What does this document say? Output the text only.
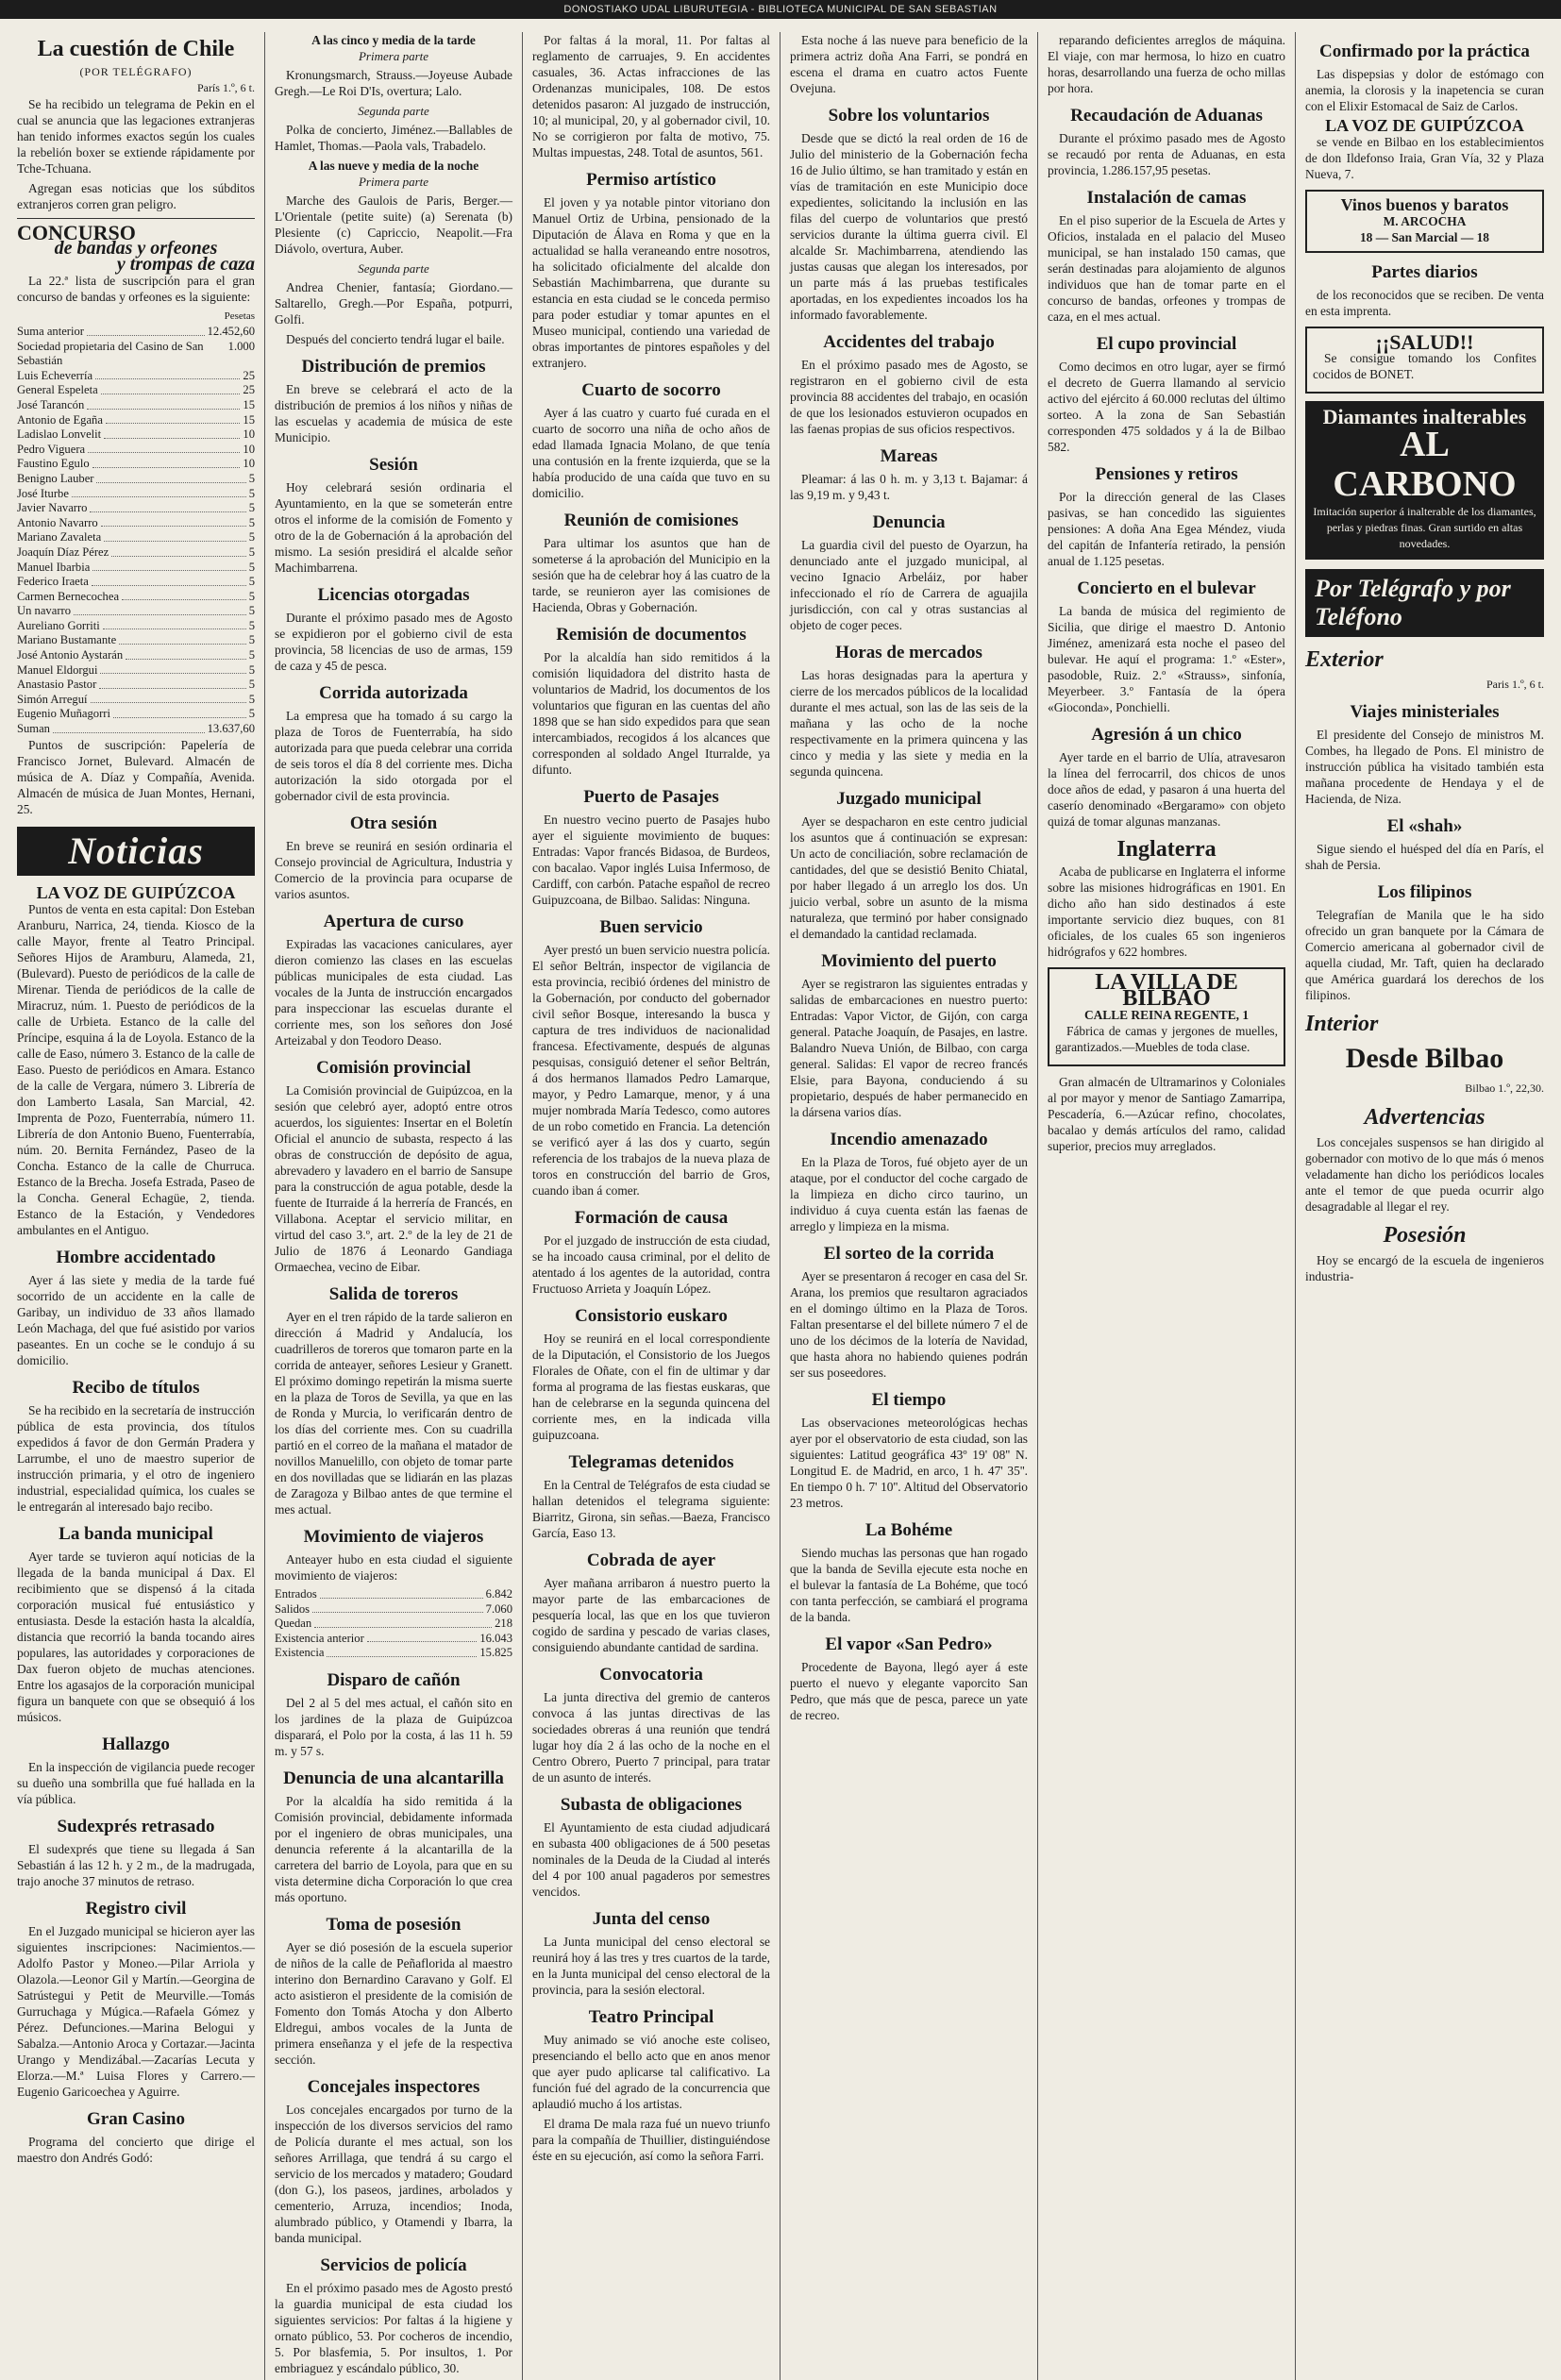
DONOSTIAKO UDAL LIBURUTEGIA - BIBLIOTECA MUNICIPAL DE SAN SEBASTIAN
La cuestión de Chile
(POR TELÉGRAFO)
París 1.º, 6 t.

Se ha recibido un telegrama de Pekin en el cual se anuncia que las legaciones extranjeras han tenido informes exactos según los cuales la rebelión boxer se extiende rápidamente por Tche-Tchuana.

Agregan esas noticias que los súbditos extranjeros corren gran peligro.

CONCURSO
de bandas y orfeones
y trompas de caza

La 22.ª lista de suscripción para el gran concurso de bandas y orfeones es la siguiente:

Pesetas
Suma anterior	12.452,60
Sociedad propietaria del Casino de San Sebastián
1.000
Luis Echeverría	25
General Espeleta	25
José Tarancón	15
Antonio de Egaña	15
Ladislao Lonvelit	10
Pedro Viguera	10
Faustino Egulo	10
Benigno Lauber	5
José Iturbe	5
Javier Navarro	5
Antonio Navarro	5
Mariano Zavaleta	5
Joaquín Díaz Pérez	5
Manuel Ibarbia	5
Federico Iraeta	5
Carmen Bernecochea	5
Un navarro	5
Aureliano Gorriti	5
Mariano Bustamante	5
José Antonio Aystarán	5
Manuel Eldorgui	5
Anastasio Pastor	5
Simón Arreguí	5
Eugenio Muñagorri	5
Suman	13.637,60

Puntos de suscripción: Papelería de Francisco Jornet, Bulevard. Almacén de música de A. Díaz y Compañía, Avenida. Almacén de música de Juan Montes, Hernani, 25.

Noticias
LA VOZ DE GUIPÚZCOA

Puntos de venta en esta capital: Don Esteban Aranburu, Narrica, 24, tienda. Kiosco de la calle Mayor, frente al Teatro Principal. Señores Hijos de Aramburu, Alameda, 21, (Bulevard). Puesto de periódicos de la calle de Mirenar. Tienda de periódicos de la calle de Miracruz, núm. 1. Puesto de periódicos de la calle de Urbieta. Estanco de la calle del Príncipe, esquina á la de Loyola. Estanco de la calle de Easo, número 3. Estanco de la calle de Easo. Puesto de periódicos en Amara. Estanco de la calle de Vergara, número 3. Librería de don Lamberto Lasala, San Marcial, 42. Imprenta de Pozo, Fuenterrabía, número 11. Librería de don Antonio Bueno, Fuenterrabía, núm. 20. Bernita Fernández, Paseo de la Concha. Estanco de la calle de Churruca. Estanco de la Brecha. Josefa Estrada, Paseo de la Concha. General Echagüe, 2, tienda. Estanco de la Estación, y Vendedores ambulantes en el Antiguo.

Hombre accidentado

Ayer á las siete y media de la tarde fué socorrido de un accidente en la calle de Garibay, un individuo de 33 años llamado León Machaga, del que fué asistido por varios paseantes. En un coche se le condujo á su domicilio.

Recibo de títulos

Se ha recibido en la secretaría de instrucción pública de esta provincia, dos títulos expedidos á favor de don Germán Pradera y Larrumbe, el uno de maestro superior de instrucción primaria, y el otro de ingeniero industrial, especialidad química, los cuales se le entregarán al interesado bajo recibo.

La banda municipal

Ayer tarde se tuvieron aquí noticias de la llegada de la banda municipal á Dax. El recibimiento que se dispensó á la citada corporación musical fué entusiástico y entusiasta. Desde la estación hasta la alcaldía, distancia que recorrió la banda tocando aires populares, las autoridades y corporaciones de Dax fueron objeto de muchas atenciones. Entre los agasajos de la corporación municipal figura un banquete con que se obsequió á los músicos.

Hallazgo

En la inspección de vigilancia puede recoger su dueño una sombrilla que fué hallada en la vía pública.

Sudexprés retrasado

El sudexprés que tiene su llegada á San Sebastián á las 12 h. y 2 m., de la madrugada, trajo anoche 37 minutos de retraso.

Registro civil

En el Juzgado municipal se hicieron ayer las siguientes inscripciones: Nacimientos.—Adolfo Pastor y Moneo.—Pilar Arriola y Olazola.—Leonor Gil y Martín.—Georgina de Satrústegui y Petit de Meurville.—Tomás Gurruchaga y Múgica.—Rafaela Gómez y Pérez. Defunciones.—Marina Belogui y Sabalza.—Antonio Aroca y Cortazar.—Jacinta Urango y Mendizábal.—Zacarías Lecuta y Elorza.—M.ª Luisa Flores y Carrero.—Eugenio Garicoechea y Aguirre.

Gran Casino

Programa del concierto que dirige el maestro don Andrés Godó:

A las cinco y media de la tarde
Primera parte

Kronungsmarch, Strauss.—Joyeuse Aubade Gregh.—Le Roi D'Is, overtura; Lalo.

Segunda parte

Polka de concierto, Jiménez.—Ballables de Hamlet, Thomas.—Paola vals, Trabadelo.

A las nueve y media de la noche
Primera parte

Marche des Gaulois de Paris, Berger.—L'Orientale (petite suite) (a) Serenata (b) Plesiente (c) Capriccio, Neapolit.—Fra Diávolo, overtura, Auber.

Segunda parte

Andrea Chenier, fantasía; Giordano.—Saltarello, Gregh.—Por España, potpurri, Golfi.

Después del concierto tendrá lugar el baile.

Distribución de premios

En breve se celebrará el acto de la distribución de premios á los niños y niñas de las escuelas y academia de música de este Municipio.

Sesión

Hoy celebrará sesión ordinaria el Ayuntamiento, en la que se someterán entre otros el informe de la comisión de Fomento y otro de la de Gobernación á la aprobación del mismo. La sesión presidirá el alcalde señor Machimbarrena.

Licencias otorgadas

Durante el próximo pasado mes de Agosto se expidieron por el gobierno civil de esta provincia, 58 licencias de uso de armas, 159 de caza y 45 de pesca.

Corrida autorizada

La empresa que ha tomado á su cargo la plaza de Toros de Fuenterrabía, ha sido autorizada para que pueda celebrar una corrida de seis toros el día 8 del corriente mes. Dicha autorización la sido otorgada por el gobernador civil de esta provincia.

Otra sesión

En breve se reunirá en sesión ordinaria el Consejo provincial de Agricultura, Industria y Comercio de la provincia para ocuparse de varios asuntos.

Apertura de curso

Expiradas las vacaciones caniculares, ayer dieron comienzo las clases en las escuelas públicas municipales de esta ciudad. Las vocales de la Junta de instrucción encargados para inspeccionar las escuelas durante el corriente mes, son los señores don José Arteizabal y don Teodoro Deaso.

Comisión provincial

La Comisión provincial de Guipúzcoa, en la sesión que celebró ayer, adoptó entre otros acuerdos, los siguientes: Insertar en el Boletín Oficial el anuncio de subasta, respecto á las obras de construcción de depósito de agua, abrevadero y lavadero en el barrio de Sansupe para la construcción de agua potable, desde la fuente de Iturraide á la herrería de Francés, en Villabona. Aceptar el servicio militar, en virtud del caso 3.º, art. 2.º de la ley de 21 de Julio de 1876 á Leonardo Gandiaga Ormaechea, vecino de Eibar.

Salida de toreros

Ayer en el tren rápido de la tarde salieron en dirección á Madrid y Andalucía, los cuadrilleros de toreros que tomaron parte en la corrida de anteayer, señores Lesieur y Granett. El próximo domingo repetirán la misma suerte en la plaza de Toros de Sevilla, ya que en las de Ronda y Murcia, lo verificarán dentro de los días del corriente mes. Con su cuadrilla partió en el correo de la mañana el matador de novillos Manuelillo, con objeto de tomar parte en dos novilladas que se lidiarán en las plazas de Zaragoza y Bilbao antes de que termine el mes actual.

Movimiento de viajeros

Anteayer hubo en esta ciudad el siguiente movimiento de viajeros:

Entrados	6.842
Salidos	7.060
Quedan	218
Existencia anterior	16.043
Existencia	15.825
Disparo de cañón

Del 2 al 5 del mes actual, el cañón sito en los jardines de la plaza de Guipúzcoa disparará, el Polo por la costa, á las 11 h. 59 m. y 57 s.

Denuncia de una alcantarilla

Por la alcaldía ha sido remitida á la Comisión provincial, debidamente informada por el ingeniero de obras municipales, una denuncia referente á la alcantarilla de la carretera del barrio de Loyola, para que en su vista determine dicha Corporación lo que crea más oportuno.

Toma de posesión

Ayer se dió posesión de la escuela superior de niños de la calle de Peñaflorida al maestro interino don Bernardino Caravano y Golf. El acto asistieron el presidente de la comisión de Fomento don Tomás Atocha y don Alberto Eldregui, ambos vocales de la Junta de primera enseñanza y el jefe de la respectiva sección.

Concejales inspectores

Los concejales encargados por turno de la inspección de los diversos servicios del ramo de Policía durante el mes actual, son los señores Arrillaga, que tendrá á su cargo el servicio de los mercados y matadero; Goudard (don G.), los paseos, jardines, arbolados y cementerio, Arruza, incendios; Inoda, alumbrado público, y Otamendi y Ibarra, la banda municipal.

Servicios de policía

En el próximo pasado mes de Agosto prestó la guardia municipal de esta ciudad los siguientes servicios: Por faltas á la higiene y ornato público, 53. Por cocheros de incendio, 5. Por blasfemia, 5. Por insultos, 1. Por embriaguez y escándalo público, 30.

Por faltas á la moral, 11. Por faltas al reglamento de carruajes, 9. En accidentes casuales, 36. Actas infracciones de las Ordenanzas municipales, 108. De estos detenidos pasaron: Al juzgado de instrucción, 10; al municipal, 20, y al gobernador civil, 10. No se corrigieron por falta de motivo, 75. Multas impuestas, 248. Total de asuntos, 561.

Permiso artístico

El joven y ya notable pintor vitoriano don Manuel Ortiz de Urbina, pensionado de la Diputación de Álava en Roma y que en la actualidad se halla veraneando entre nosotros, ha solicitado oficialmente del alcalde don Sebastián Machimbarrena, que durante su estancia en esta ciudad se le conceda permiso para poder estudiar y tomar apuntes en el Museo municipal, contiendo una variedad de obras importantes de pintores españoles y del extranjero.

Cuarto de socorro

Ayer á las cuatro y cuarto fué curada en el cuarto de socorro una niña de ocho años de edad llamada Ignacia Molano, de que tenía una contusión en la frente izquierda, que se la había producido de una caída que tuvo en su domicilio.

Reunión de comisiones

Para ultimar los asuntos que han de someterse á la aprobación del Municipio en la sesión que ha de celebrar hoy á las cuatro de la tarde, se reunieron ayer las comisiones de Hacienda, Obras y Gobernación.

Remisión de documentos

Por la alcaldía han sido remitidos á la comisión liquidadora del distrito hasta de voluntarios de Madrid, los documentos de los voluntarios que figuran en las cuentas del año 1898 que se han sido expedidos para que sean intercambiados, recogidos á los alcances que corresponden al soldado Angel Iturralde, ya difunto.

Puerto de Pasajes

En nuestro vecino puerto de Pasajes hubo ayer el siguiente movimiento de buques: Entradas: Vapor francés Bidasoa, de Burdeos, con bacalao. Vapor inglés Luisa Infermoso, de Cardiff, con carbón. Patache español de recreo Guipuzcoana, de Bilbao. Salidas: Ninguna.

Buen servicio

Ayer prestó un buen servicio nuestra policía. El señor Beltrán, inspector de vigilancia de esta provincia, recibió órdenes del ministro de la Gobernación, por conducto del gobernador civil señor Bosque, interesando la busca y captura de tres individuos de nacionalidad francesa. Efectivamente, después de algunas pesquisas, consiguió detener el señor Beltrán, á dos hermanos llamados Pedro Lamarque, mayor, y Pedro Lamarque, menor, y á una mujer nombrada María Tedesco, como autores de un robo cometido en Francia. La detención se verificó ayer á las dos y cuarto, según referencia de los trabajos de la nueva plaza de toros en construcción del barrio de Gros, cuando iban á comer.

Formación de causa

Por el juzgado de instrucción de esta ciudad, se ha incoado causa criminal, por el delito de atentado á los agentes de la autoridad, contra Fructuoso Arrieta y Joaquín López.

Consistorio euskaro

Hoy se reunirá en el local correspondiente de la Diputación, el Consistorio de los Juegos Florales de Oñate, con el fin de ultimar y dar forma al programa de las fiestas euskaras, que han de celebrarse en la segunda quincena del corriente mes, en la indicada villa guipuzcoana.

Telegramas detenidos

En la Central de Telégrafos de esta ciudad se hallan detenidos el telegrama siguiente: Biarritz, Girona, sin señas.—Baeza, Francisco García, Easo 13.

Cobrada de ayer

Ayer mañana arribaron á nuestro puerto la mayor parte de las embarcaciones de pesquería local, las que en los que tuvieron cogido de sardina y pescado de varias clases, consiguiendo abundante cantidad de sardina.

Convocatoria

La junta directiva del gremio de canteros convoca á las juntas directivas de las sociedades obreras á una reunión que tendrá lugar hoy día 2 á las ocho de la noche en el Centro Obrero, Puerto 7 principal, para tratar de un asunto de interés.

Subasta de obligaciones

El Ayuntamiento de esta ciudad adjudicará en subasta 400 obligaciones de á 500 pesetas nominales de la Deuda de la Ciudad al interés del 4 por 100 anual pagaderos por semestres vencidos.

Junta del censo

La Junta municipal del censo electoral se reunirá hoy á las tres y tres cuartos de la tarde, en la Junta municipal del censo electoral de la provincia, para la sesión electoral.

Teatro Principal

Muy animado se vió anoche este coliseo, presenciando el bello acto que en anos menor que ayer pudo aplicarse tal calificativo. La función fué del agrado de la concurrencia que aplaudió mucho á los artistas.

El drama De mala raza fué un nuevo triunfo para la compañía de Thuillier, distinguiéndose éste en su ejecución, así como la señora Farri.

Esta noche á las nueve para beneficio de la primera actriz doña Ana Farri, se pondrá en escena el drama en cuatro actos Fuente Ovejuna.

Sobre los voluntarios

Desde que se dictó la real orden de 16 de Julio del ministerio de la Gobernación fecha 16 de Julio último, se han tramitado y están en vías de tramitación en este Municipio doce expedientes, solicitando la inclusión en las filas del cuerpo de voluntarios que prestó servicios durante la última guerra civil. El alcalde Sr. Machimbarrena, atendiendo las justas causas que alegan los interesados, por un parte más á las pruebas testificales aportadas, en los expedientes incoados los ha informado favorablemente.

Accidentes del trabajo

En el próximo pasado mes de Agosto, se registraron en el gobierno civil de esta provincia 88 accidentes del trabajo, en ocasión de que los lesionados estuvieron ocupados en las faenas propias de sus oficios respectivos.

Mareas

Pleamar: á las 0 h. m. y 3,13 t. Bajamar: á las 9,19 m. y 9,43 t.

Denuncia

La guardia civil del puesto de Oyarzun, ha denunciado ante el juzgado municipal, al vecino Ignacio Arbeláiz, por haber infeccionado el río de Carrera de aguajila jurisdicción, con cal y otras sustancias al objeto de coger peces.

Horas de mercados

Las horas designadas para la apertura y cierre de los mercados públicos de la localidad durante el mes actual, son las de las seis de la mañana y las ocho de la noche respectivamente en la primera quincena y las cinco y media y las siete y media en la segunda quincena.

Juzgado municipal

Ayer se despacharon en este centro judicial los asuntos que á continuación se expresan: Un acto de conciliación, sobre reclamación de cantidades, del que se desistió Benito Chiatal, por haber llegado á un arreglo los dos. Un juicio verbal, sobre un asunto de la misma naturaleza, que terminó por haber consignado el demandado la cantidad reclamada.

Movimiento del puerto

Ayer se registraron las siguientes entradas y salidas de embarcaciones en nuestro puerto: Entradas: Vapor Victor, de Gijón, con carga general. Patache Joaquín, de Pasajes, en lastre. Balandro Nueva Unión, de Bilbao, con carga general. Salidas: El vapor de recreo francés Elsie, para Bayona, conduciendo á su propietario, después de haber permanecido en la dársena varios días.

Incendio amenazado

En la Plaza de Toros, fué objeto ayer de un ataque, por el conductor del coche cargado de la limpieza en dicho circo taurino, un individuo á cuya cuenta están las faenas de arreglo y limpieza en la misma.

El sorteo de la corrida

Ayer se presentaron á recoger en casa del Sr. Arana, los premios que resultaron agraciados en el domingo último en la Plaza de Toros. Faltan presentarse el del billete número 7 el de uno de los décimos de la lotería de Navidad, que hasta ahora no habiendo quienes podrán ser sus poseedores.

El tiempo

Las observaciones meteorológicas hechas ayer por el observatorio de esta ciudad, son las siguientes: Latitud geográfica 43º 19' 08'' N. Longitud E. de Madrid, en arco, 1 h. 47' 35''. En tiempo 0 h. 7' 10''. Altitud del Observatorio 23 metros.

La Bohéme

Siendo muchas las personas que han rogado que la banda de Sevilla ejecute esta noche en el bulevar la fantasía de La Bohéme, que tocó con tanta perfección, se cambiará el programa de la banda.

El vapor «San Pedro»

Procedente de Bayona, llegó ayer á este puerto el nuevo y elegante vaporcito San Pedro, que más que de pesca, parece un yate de recreo.

reparando deficientes arreglos de máquina. El viaje, con mar hermosa, lo hizo en cuatro horas, desarrollando una fuerza de ocho millas por hora.

Recaudación de Aduanas

Durante el próximo pasado mes de Agosto se recaudó por renta de Aduanas, en esta provincia, 1.286.157,95 pesetas.

Instalación de camas

En el piso superior de la Escuela de Artes y Oficios, instalada en el palacio del Museo municipal, se han instalado 150 camas, que serán destinadas para alojamiento de algunos individuos que han de tomar parte en el concurso de bandas, orfeones y trompas de caza, en el mes actual.

El cupo provincial

Como decimos en otro lugar, ayer se firmó el decreto de Guerra llamando al servicio activo del ejército á 60.000 reclutas del último sorteo. A la zona de San Sebastián corresponden 475 soldados y á la de Bilbao 582.

Pensiones y retiros

Por la dirección general de las Clases pasivas, se han concedido las siguientes pensiones: A doña Ana Egea Méndez, viuda del capitán de Infantería retirado, la pensión anual de 1.125 pesetas.

Concierto en el bulevar

La banda de música del regimiento de Sicilia, que dirige el maestro D. Antonio Jiménez, amenizará esta noche el paseo del bulevar. He aquí el programa: 1.º «Ester», pasodoble, Ruiz. 2.º «Strauss», sinfonía, Meyerbeer. 3.º Fantasía de la ópera «Gioconda», Ponchielli.

Agresión á un chico

Ayer tarde en el barrio de Ulía, atravesaron la línea del ferrocarril, dos chicos de unos doce años de edad, y pasaron á una huerta del caserío denominado «Bergaramo» con objeto quizá de tomar algunas manzanas.

Inglaterra

Acaba de publicarse en Inglaterra el informe sobre las misiones hidrográficas en 1901. En dicho año han sido destinados á este importante servicio diez buques, con 81 oficiales, de los cuales 65 son ingenieros hidrógrafos y 622 hombres.

LA VILLA DE BILBAO
CALLE REINA REGENTE, 1

Fábrica de camas y jergones de muelles, garantizados.—Muebles de toda clase.

Gran almacén de Ultramarinos y Coloniales al por mayor y menor de Santiago Zamarripa, Pescadería, 6.—Azúcar refino, chocolates, bacalao y demás artículos del ramo, calidad superior, precios muy arreglados.

Confirmado por la práctica

Las dispepsias y dolor de estómago con anemia, la clorosis y la inapetencia se curan con el Elixir Estomacal de Saiz de Carlos.

LA VOZ DE GUIPÚZCOA

se vende en Bilbao en los establecimientos de don Ildefonso Iraia, Gran Vía, 32 y Plaza Nueva, 7.

Vinos buenos y baratos
M. ARCOCHA
18 — San Marcial — 18
Partes diarios

de los reconocidos que se reciben. De venta en esta imprenta.

¡¡SALUD!!

Se consigue tomando los Confites cocidos de BONET.

Diamantes inalterables
AL CARBONO
Imitación superior á inalterable de los diamantes, perlas y piedras finas. Gran surtido en altas novedades.
Por Telégrafo y por Teléfono
Exterior
Paris 1.º, 6 t.
Viajes ministeriales

El presidente del Consejo de ministros M. Combes, ha llegado de Pons. El ministro de instrucción pública ha visitado también esta mañana procedente de Hendaya y el de Hacienda, de Niza.

El «shah»

Sigue siendo el huésped del día en París, el shah de Persia.

Los filipinos

Telegrafían de Manila que le ha sido ofrecido un gran banquete por la Cámara de Comercio americana al gobernador civil de aquella ciudad, Mr. Taft, quien ha declarado que América guardará los derechos de los filipinos.

Interior
Desde Bilbao
Bilbao 1.º, 22,30.
Advertencias

Los concejales suspensos se han dirigido al gobernador con motivo de lo que más ó menos veladamente han dicho los periódicos locales ante el temor de que pueda ocurrir algo desagradable al llegar el rey.

Posesión

Hoy se encargó de la escuela de ingenieros industria-
